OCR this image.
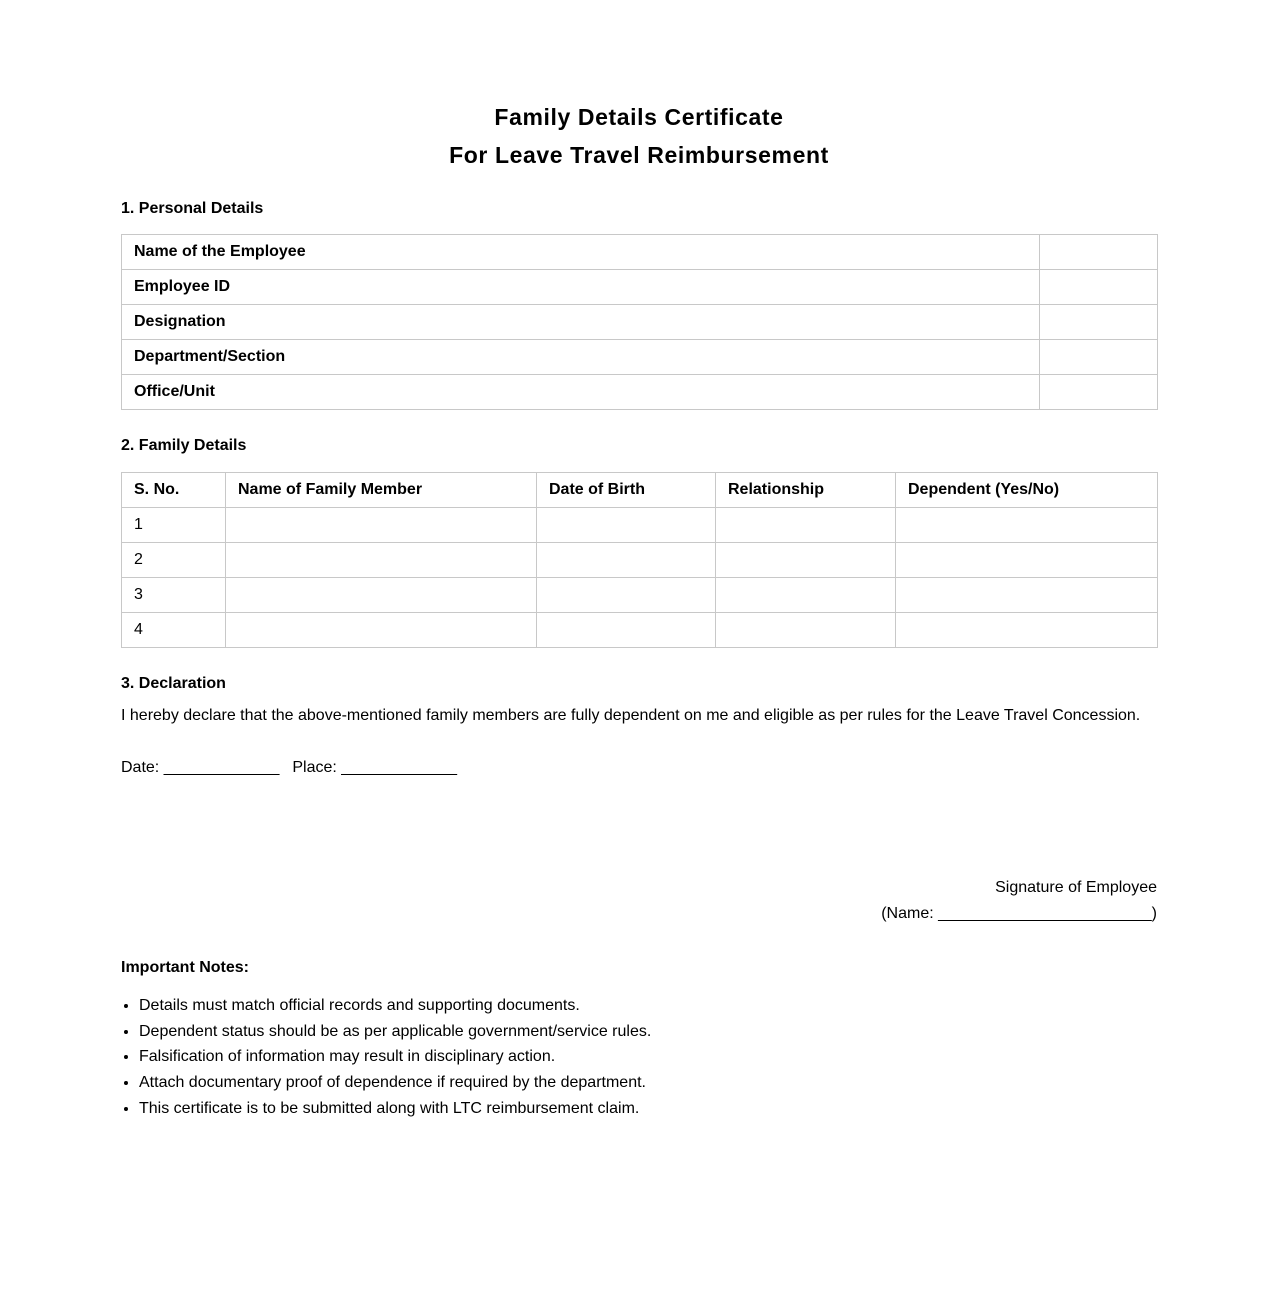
Family Details Certificate
For Leave Travel Reimbursement
1. Personal Details
Name of the Employee	
Employee ID	
Designation	
Department/Section	
Office/Unit	
2. Family Details
S. No.	Name of Family Member	Date of Birth	Relationship	Dependent (Yes/No)
1				
2				
3				
4				
3. Declaration
I hereby declare that the above-mentioned family members are fully dependent on me and eligible as per rules for the Leave Travel Concession.
Date: _____________ Place: _____________
Signature of Employee
(Name: ________________________)
Important Notes:
• Details must match official records and supporting documents.
• Dependent status should be as per applicable government/service rules.
• Falsification of information may result in disciplinary action.
• Attach documentary proof of dependence if required by the department.
• This certificate is to be submitted along with LTC reimbursement claim.
